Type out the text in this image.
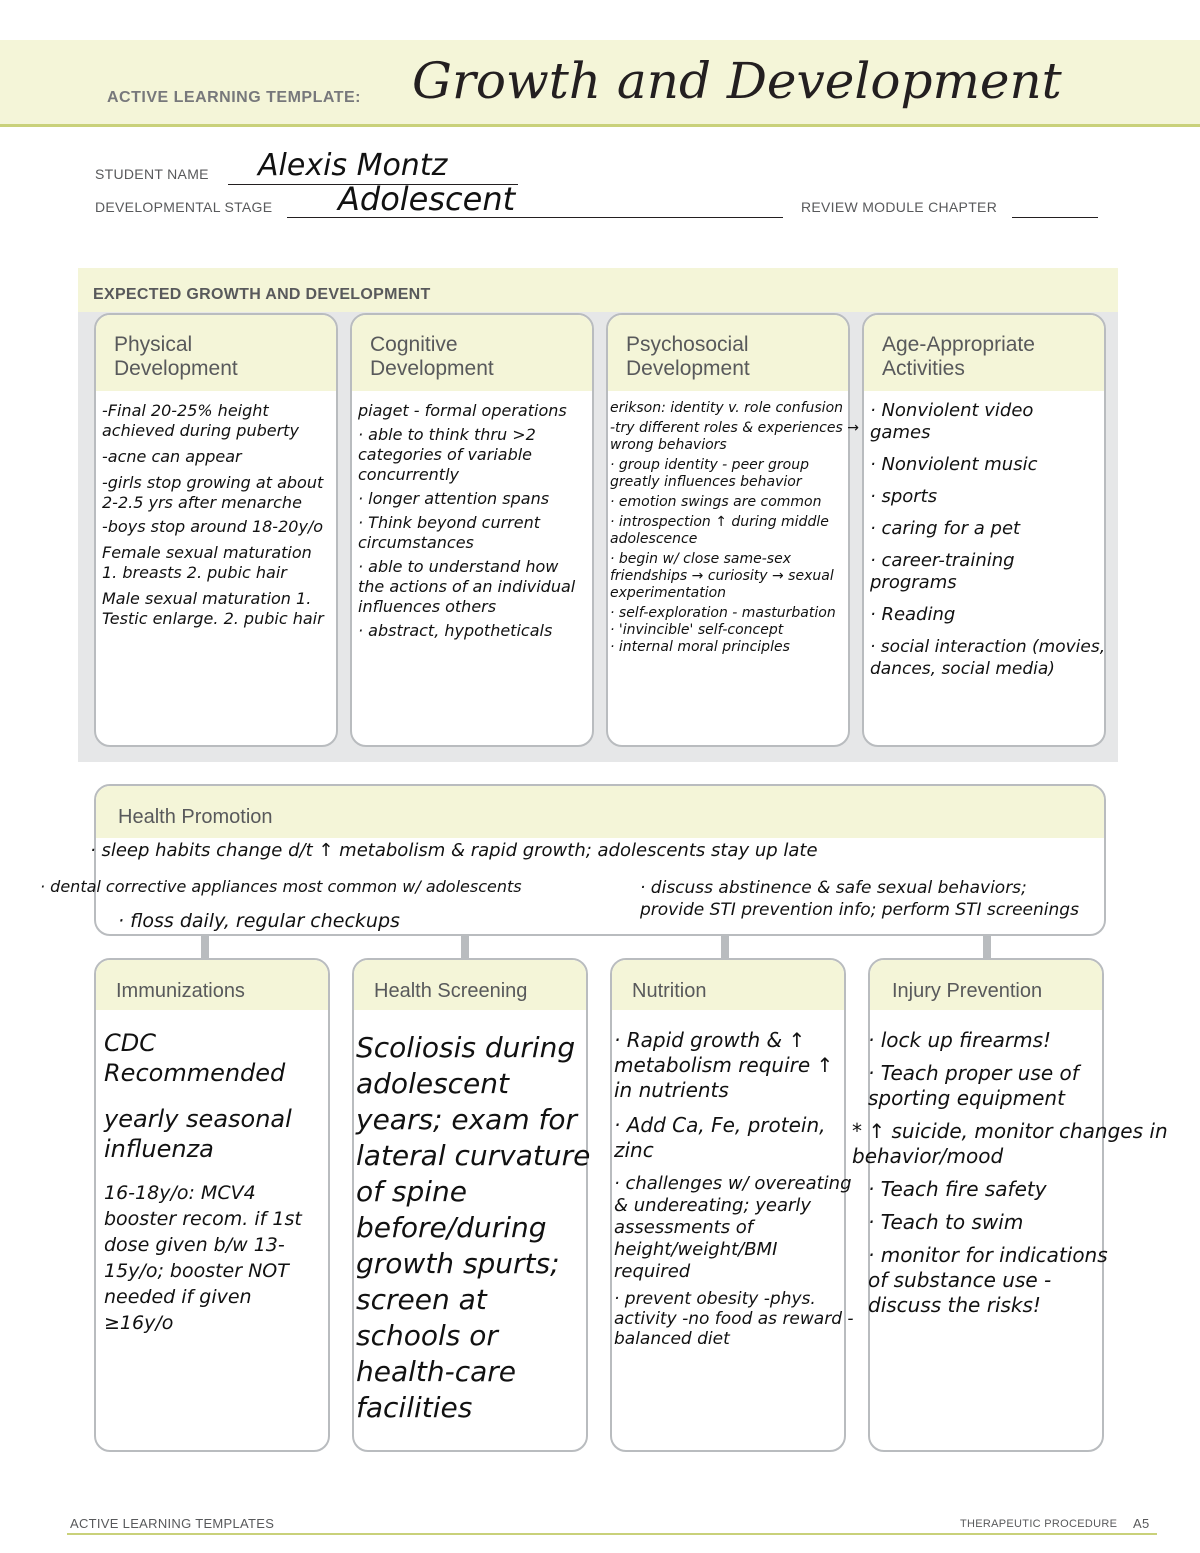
ACTIVE LEARNING TEMPLATE: Growth and Development
STUDENT NAME Alexis Montz
DEVELOPMENTAL STAGE Adolescent	REVIEW MODULE CHAPTER
EXPECTED GROWTH AND DEVELOPMENT
Physical
Development
-Final 20-25% height achieved during puberty
-acne can appear
-girls stop growing at about 2-2.5 yrs after menarche
-boys stop around 18-20y/o
Female sexual maturation 1. breasts 2. pubic hair
Male sexual maturation 1. Testic enlarge. 2. pubic hair
Cognitive
Development
piaget - formal operations
· able to think thru >2 categories of variable concurrently
· longer attention spans
· Think beyond current circumstances
· able to understand how the actions of an individual influences others
· abstract, hypotheticals
Psychosocial
Development
erikson: identity v. role confusion
-try different roles & experiences → wrong behaviors
· group identity - peer group greatly influences behavior
· emotion swings are common
· introspection ↑ during middle adolescence
· begin w/ close same-sex friendships → curiosity → sexual experimentation
· self-exploration - masturbation
· 'invincible' self-concept
· internal moral principles
Age-Appropriate
Activities
· Nonviolent video games
· Nonviolent music
· sports
· caring for a pet
· career-training programs
· Reading
· social interaction (movies, dances, social media)
Health Promotion
· sleep habits change d/t ↑ metabolism & rapid growth; adolescents stay up late
· dental corrective appliances most common w/ adolescents
· floss daily, regular checkups
· discuss abstinence & safe sexual behaviors; provide STI prevention info; perform STI screenings
Immunizations
CDC Recommended
yearly seasonal influenza
16-18y/o: MCV4 booster recom. if 1st dose given b/w 13-15y/o; booster NOT needed if given ≥16y/o
Health Screening
Scoliosis during adolescent years; exam for lateral curvature of spine before/during growth spurts; screen at schools or health-care facilities
Nutrition
· Rapid growth & ↑ metabolism require ↑ in nutrients
· Add Ca, Fe, protein, zinc
· challenges w/ overeating & undereating; yearly assessments of height/weight/BMI required
· prevent obesity -phys. activity -no food as reward -balanced diet
Injury Prevention
· lock up firearms!
· Teach proper use of sporting equipment
* ↑ suicide, monitor changes in behavior/mood
· Teach fire safety
· Teach to swim
· monitor for indications of substance use - discuss the risks!
ACTIVE LEARNING TEMPLATES	THERAPEUTIC PROCEDURE A5
